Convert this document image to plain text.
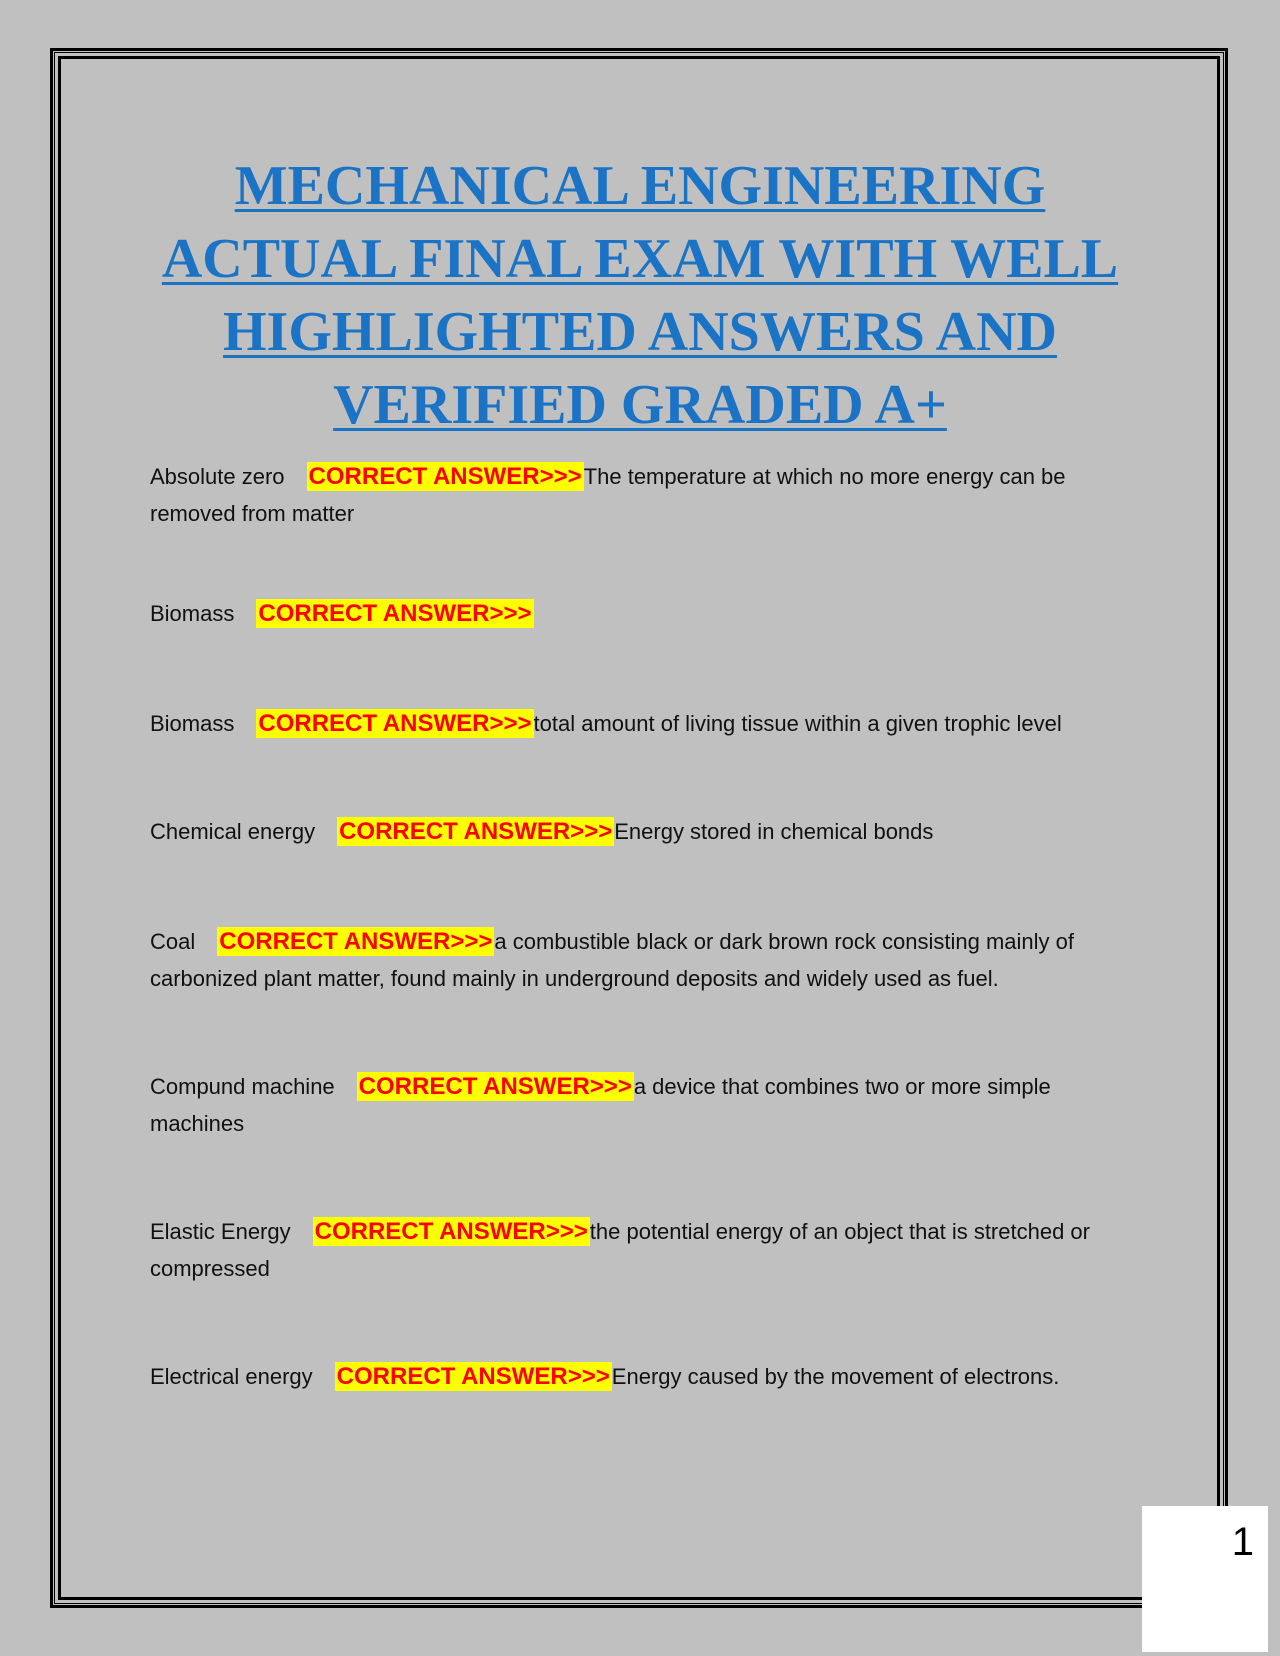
MECHANICAL ENGINEERING ACTUAL FINAL EXAM WITH WELL HIGHLIGHTED ANSWERS AND VERIFIED GRADED A+

Absolute zero CORRECT ANSWER>>>The temperature at which no more energy can be removed from matter

Biomass CORRECT ANSWER>>>

Biomass CORRECT ANSWER>>>total amount of living tissue within a given trophic level

Chemical energy CORRECT ANSWER>>>Energy stored in chemical bonds

Coal CORRECT ANSWER>>>a combustible black or dark brown rock consisting mainly of carbonized plant matter, found mainly in underground deposits and widely used as fuel.

Compund machine CORRECT ANSWER>>>a device that combines two or more simple machines

Elastic Energy CORRECT ANSWER>>>the potential energy of an object that is stretched or compressed

Electrical energy CORRECT ANSWER>>>Energy caused by the movement of electrons.

1
